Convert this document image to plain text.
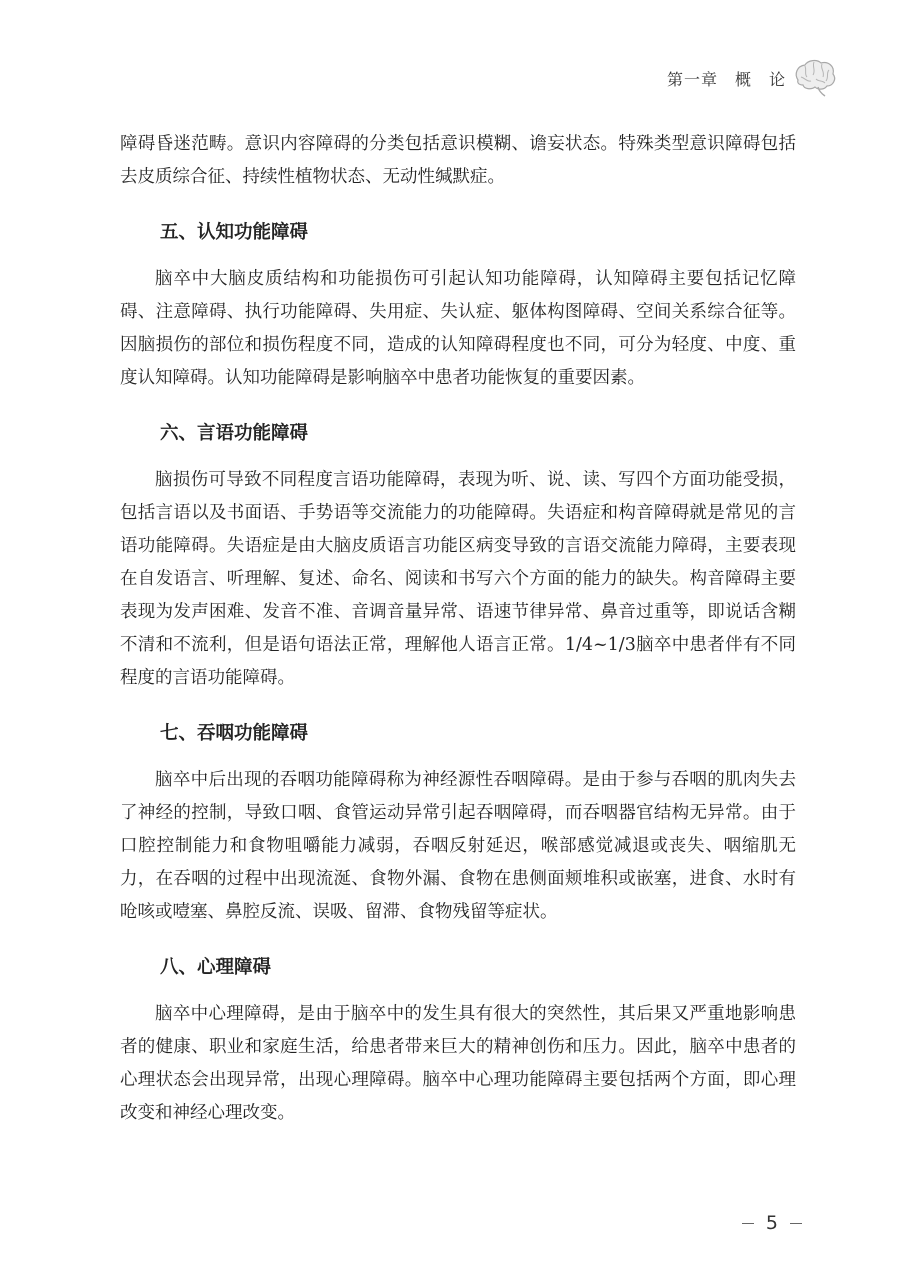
第一章　概　论

障碍昏迷范畴。意识内容障碍的分类包括意识模糊、谵妄状态。特殊类型意识障碍包括去皮质综合征、持续性植物状态、无动性缄默症。

五、认知功能障碍

脑卒中大脑皮质结构和功能损伤可引起认知功能障碍，认知障碍主要包括记忆障碍、注意障碍、执行功能障碍、失用症、失认症、躯体构图障碍、空间关系综合征等。因脑损伤的部位和损伤程度不同，造成的认知障碍程度也不同，可分为轻度、中度、重度认知障碍。认知功能障碍是影响脑卒中患者功能恢复的重要因素。

六、言语功能障碍

脑损伤可导致不同程度言语功能障碍，表现为听、说、读、写四个方面功能受损，包括言语以及书面语、手势语等交流能力的功能障碍。失语症和构音障碍就是常见的言语功能障碍。失语症是由大脑皮质语言功能区病变导致的言语交流能力障碍，主要表现在自发语言、听理解、复述、命名、阅读和书写六个方面的能力的缺失。构音障碍主要表现为发声困难、发音不准、音调音量异常、语速节律异常、鼻音过重等，即说话含糊不清和不流利，但是语句语法正常，理解他人语言正常。1/4~1/3脑卒中患者伴有不同程度的言语功能障碍。

七、吞咽功能障碍

脑卒中后出现的吞咽功能障碍称为神经源性吞咽障碍。是由于参与吞咽的肌肉失去了神经的控制，导致口咽、食管运动异常引起吞咽障碍，而吞咽器官结构无异常。由于口腔控制能力和食物咀嚼能力减弱，吞咽反射延迟，喉部感觉减退或丧失、咽缩肌无力，在吞咽的过程中出现流涎、食物外漏、食物在患侧面颊堆积或嵌塞，进食、水时有呛咳或噎塞、鼻腔反流、误吸、留滞、食物残留等症状。

八、心理障碍

脑卒中心理障碍，是由于脑卒中的发生具有很大的突然性，其后果又严重地影响患者的健康、职业和家庭生活，给患者带来巨大的精神创伤和压力。因此，脑卒中患者的心理状态会出现异常，出现心理障碍。脑卒中心理功能障碍主要包括两个方面，即心理改变和神经心理改变。

5
